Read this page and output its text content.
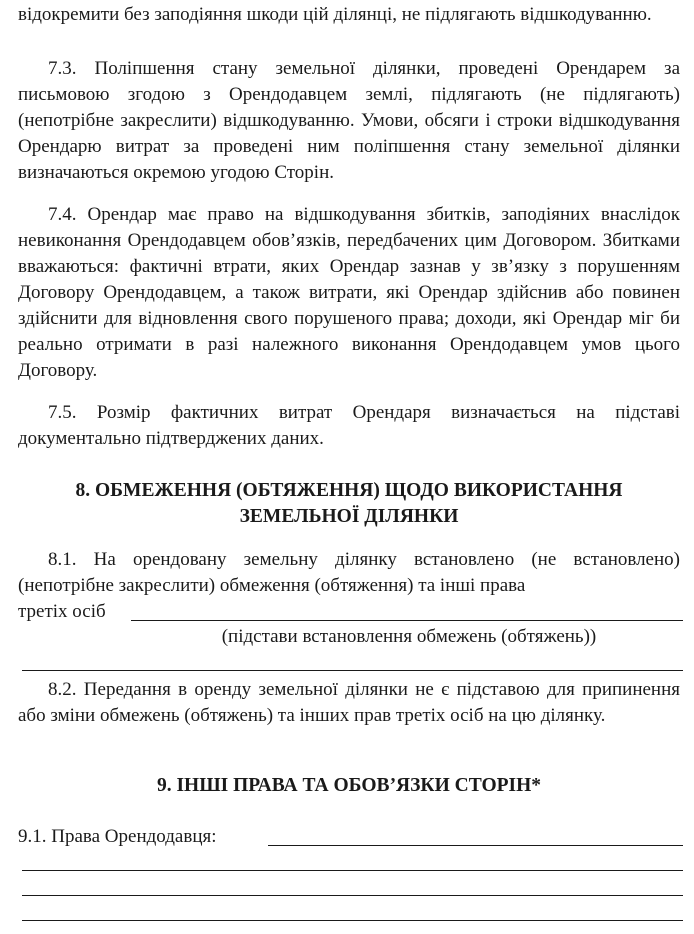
відокремити без заподіяння шкоди цій ділянці, не підлягають відшкодуванню.

7.3. Поліпшення стану земельної ділянки, проведені Орендарем за письмовою згодою з Орендодавцем землі, підлягають (не підлягають) (непотрібне закреслити) відшкодуванню. Умови, обсяги і строки відшкодування Орендарю витрат за проведені ним поліпшення стану земельної ділянки визначаються окремою угодою Сторін.

7.4. Орендар має право на відшкодування збитків, заподіяних внаслідок невиконання Орендодавцем обов’язків, передбачених цим Договором. Збитками вважаються: фактичні втрати, яких Орендар зазнав у зв’язку з порушенням Договору Орендодавцем, а також витрати, які Орендар здійснив або повинен здійснити для відновлення свого порушеного права; доходи, які Орендар міг би реально отримати в разі належного виконання Орендодавцем умов цього Договору.

7.5. Розмір фактичних витрат Орендаря визначається на підставі документально підтверджених даних.

8. ОБМЕЖЕННЯ (ОБТЯЖЕННЯ) ЩОДО ВИКОРИСТАННЯ

ЗЕМЕЛЬНОЇ ДІЛЯНКИ

8.1. На орендовану земельну ділянку встановлено (не встановлено) (непотрібне закреслити) обмеження (обтяження) та інші права

третіх осіб

(підстави встановлення обмежень (обтяжень))

8.2. Передання в оренду земельної ділянки не є підставою для припинення або зміни обмежень (обтяжень) та інших прав третіх осіб на цю ділянку.

9. ІНШІ ПРАВА ТА ОБОВ’ЯЗКИ СТОРІН*

9.1. Права Орендодавця:
